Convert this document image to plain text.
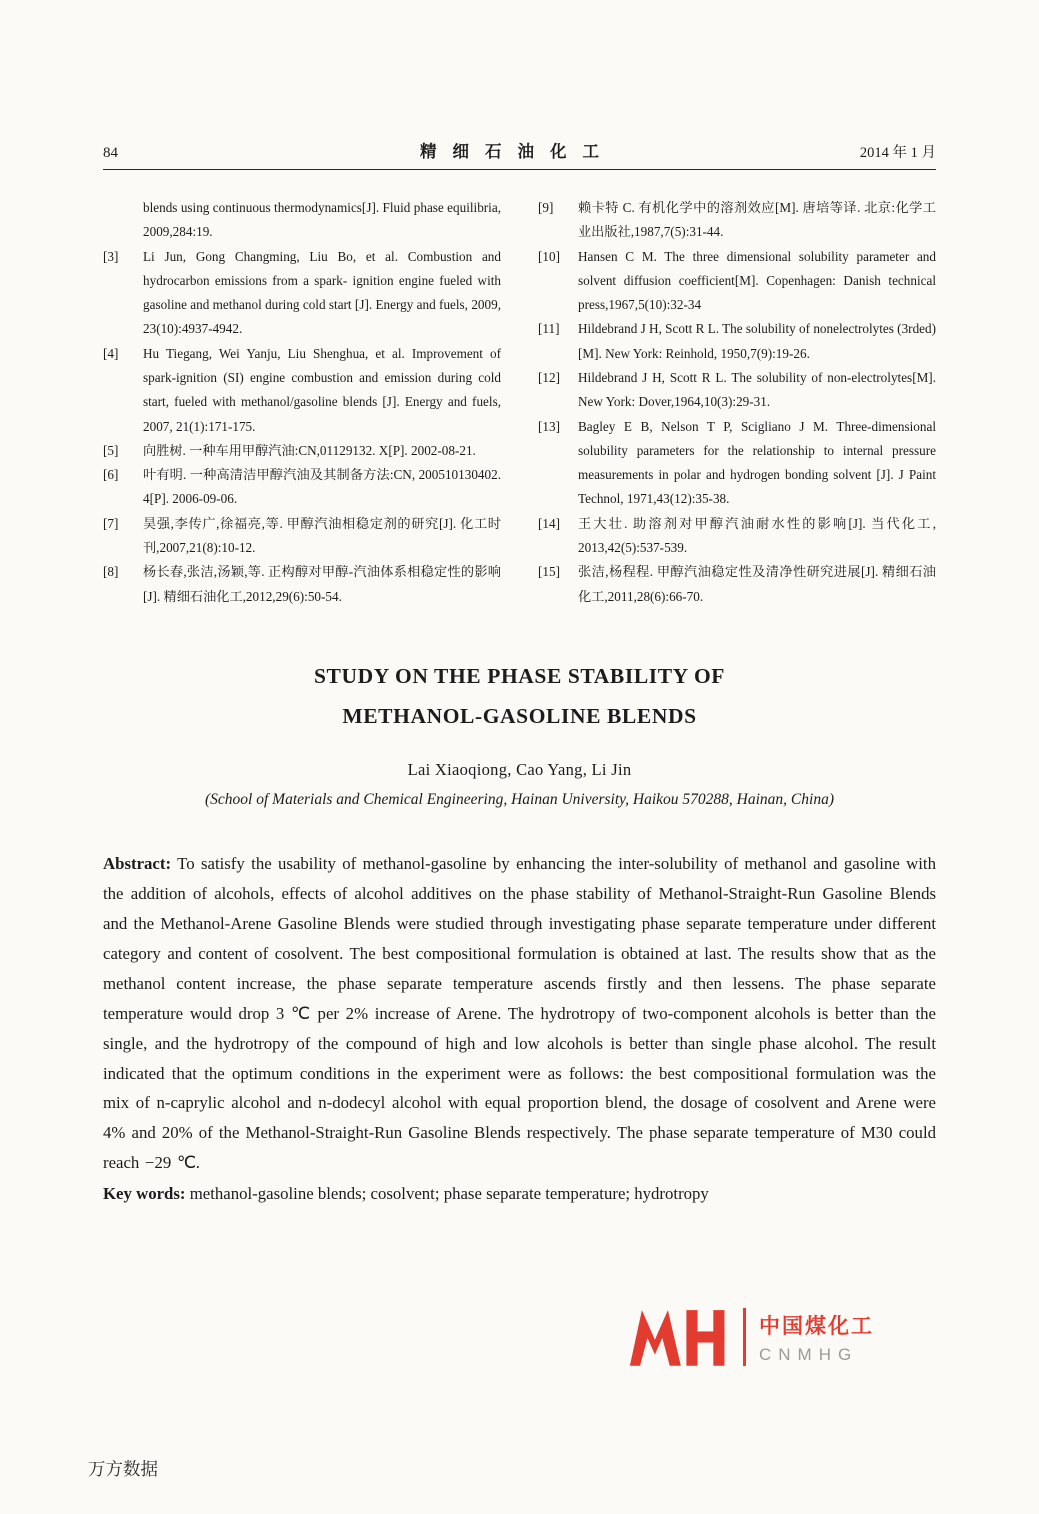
84	精细石油化工	2014 年 1 月
blends using continuous thermodynamics[J]. Fluid phase equilibria, 2009,284:19.
[3]	Li Jun, Gong Changming, Liu Bo, et al. Combustion and hydrocarbon emissions from a spark- ignition engine fueled with gasoline and methanol during cold start [J]. Energy and fuels, 2009, 23(10):4937-4942.
[4]	Hu Tiegang, Wei Yanju, Liu Shenghua, et al. Improvement of spark-ignition (SI) engine combustion and emission during cold start, fueled with methanol/gasoline blends [J]. Energy and fuels, 2007, 21(1):171-175.
[5]	向胜树. 一种车用甲醇汽油:CN,01129132. X[P]. 2002-08-21.
[6]	叶有明. 一种高清洁甲醇汽油及其制备方法:CN, 200510130402. 4[P]. 2006-09-06.
[7]	昊强,李传广,徐福亮,等. 甲醇汽油相稳定剂的研究[J]. 化工时刊,2007,21(8):10-12.
[8]	杨长春,张洁,汤颖,等. 正构醇对甲醇-汽油体系相稳定性的影响[J]. 精细石油化工,2012,29(6):50-54.
[9]	赖卡特 C. 有机化学中的溶剂效应[M]. 唐培等译. 北京:化学工业出版社,1987,7(5):31-44.
[10]	Hansen C M. The three dimensional solubility parameter and solvent diffusion coefficient[M]. Copenhagen: Danish technical press,1967,5(10):32-34
[11]	Hildebrand J H, Scott R L. The solubility of nonelectrolytes (3rded) [M]. New York: Reinhold, 1950,7(9):19-26.
[12]	Hildebrand J H, Scott R L. The solubility of non-electrolytes[M]. New York: Dover,1964,10(3):29-31.
[13]	Bagley E B, Nelson T P, Scigliano J M. Three-dimensional solubility parameters for the relationship to internal pressure measurements in polar and hydrogen bonding solvent [J]. J Paint Technol, 1971,43(12):35-38.
[14]	王大壮. 助溶剂对甲醇汽油耐水性的影响[J]. 当代化工, 2013,42(5):537-539.
[15]	张洁,杨程程. 甲醇汽油稳定性及清净性研究进展[J]. 精细石油化工,2011,28(6):66-70.
STUDY ON THE PHASE STABILITY OF
METHANOL-GASOLINE BLENDS
Lai Xiaoqiong, Cao Yang, Li Jin
(School of Materials and Chemical Engineering, Hainan University, Haikou 570288, Hainan, China)

Abstract: To satisfy the usability of methanol-gasoline by enhancing the inter-solubility of methanol and gasoline with the addition of alcohols, effects of alcohol additives on the phase stability of Methanol-Straight-Run Gasoline Blends and the Methanol-Arene Gasoline Blends were studied through investigating phase separate temperature under different category and content of cosolvent. The best compositional formulation is obtained at last. The results show that as the methanol content increase, the phase separate temperature ascends firstly and then lessens. The phase separate temperature would drop 3 ℃ per 2% increase of Arene. The hydrotropy of two-component alcohols is better than the single, and the hydrotropy of the compound of high and low alcohols is better than single phase alcohol. The result indicated that the optimum conditions in the experiment were as follows: the best compositional formulation was the mix of n-caprylic alcohol and n-dodecyl alcohol with equal proportion blend, the dosage of cosolvent and Arene were 4% and 20% of the Methanol-Straight-Run Gasoline Blends respectively. The phase separate temperature of M30 could reach −29 ℃.

Key words: methanol-gasoline blends; cosolvent; phase separate temperature; hydrotropy

中国煤化工
CNMHG
万方数据
